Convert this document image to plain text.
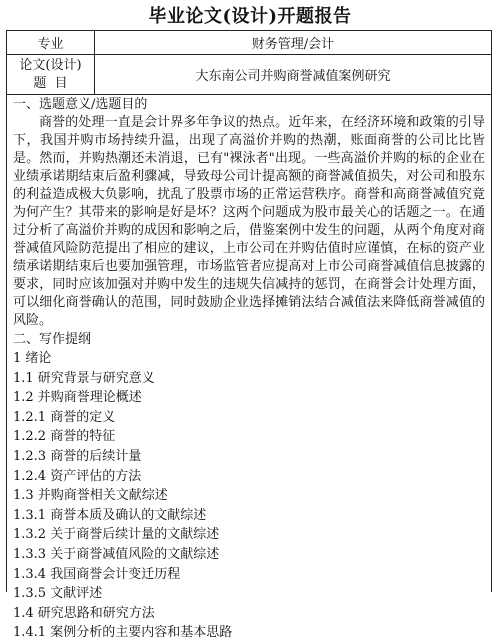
毕业论文(设计)开题报告
专业	财务管理/会计
论文(设计)
题目	大东南公司并购商誉减值案例研究
一、选题意义/选题目的

商誉的处理一直是会计界多年争议的热点。近年来，在经济环境和政策的引导下，我国并购市场持续升温，出现了高溢价并购的热潮，账面商誉的公司比比皆是。然而，并购热潮还未消退，已有"裸泳者"出现。一些高溢价并购的标的企业在业绩承诺期结束后盈利骤减，导致母公司计提高额的商誉减值损失，对公司和股东的利益造成极大负影响，扰乱了股票市场的正常运营秩序。商誉和高商誉减值究竟为何产生？其带来的影响是好是坏？这两个问题成为股市最关心的话题之一。在通过分析了高溢价并购的成因和影响之后，借鉴案例中发生的问题，从两个角度对商誉减值风险防范提出了相应的建议，上市公司在并购估值时应谨慎，在标的资产业绩承诺期结束后也要加强管理，市场监管者应提高对上市公司商誉减值信息披露的要求，同时应该加强对并购中发生的违规失信减持的惩罚，在商誉会计处理方面，可以细化商誉确认的范围，同时鼓励企业选择摊销法结合减值法来降低商誉减值的风险。

二、写作提纲
1 绪论
1.1 研究背景与研究意义
1.2 并购商誉理论概述
1.2.1 商誉的定义
1.2.2 商誉的特征
1.2.3 商誉的后续计量
1.2.4 资产评估的方法
1.3 并购商誉相关文献综述
1.3.1 商誉本质及确认的文献综述
1.3.2 关于商誉后续计量的文献综述
1.3.3 关于商誉减值风险的文献综述
1.3.4 我国商誉会计变迁历程
1.3.5 文献评述
1.4 研究思路和研究方法
1.4.1 案例分析的主要内容和基本思路
